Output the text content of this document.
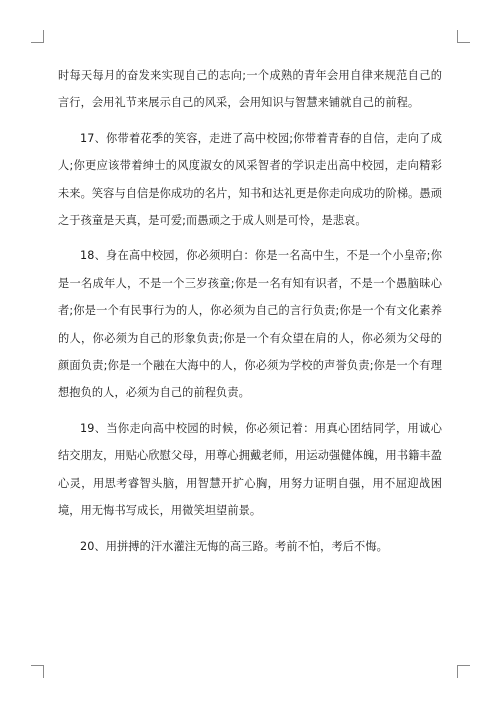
时每天每月的奋发来实现自己的志向;一个成熟的青年会用自律来规范自己的言行，会用礼节来展示自己的风采，会用知识与智慧来铺就自己的前程。

17、你带着花季的笑容，走进了高中校园;你带着青春的自信，走向了成人;你更应该带着绅士的风度淑女的风采智者的学识走出高中校园，走向精彩未来。笑容与自信是你成功的名片，知书和达礼更是你走向成功的阶梯。愚顽之于孩童是天真，是可爱;而愚顽之于成人则是可怜，是悲哀。

18、身在高中校园，你必须明白：你是一名高中生，不是一个小皇帝;你是一名成年人，不是一个三岁孩童;你是一名有知有识者，不是一个愚脑昧心者;你是一个有民事行为的人，你必须为自己的言行负责;你是一个有文化素养的人，你必须为自己的形象负责;你是一个有众望在肩的人，你必须为父母的颜面负责;你是一个融在大海中的人，你必须为学校的声誉负责;你是一个有理想抱负的人，必须为自己的前程负责。

19、当你走向高中校园的时候，你必须记着：用真心团结同学，用诚心结交朋友，用贴心欣慰父母，用尊心拥戴老师，用运动强健体魄，用书籍丰盈心灵，用思考睿智头脑，用智慧开扩心胸，用努力证明自强，用不屈迎战困境，用无悔书写成长，用微笑坦望前景。

20、用拼搏的汗水灌注无悔的高三路。考前不怕，考后不悔。
